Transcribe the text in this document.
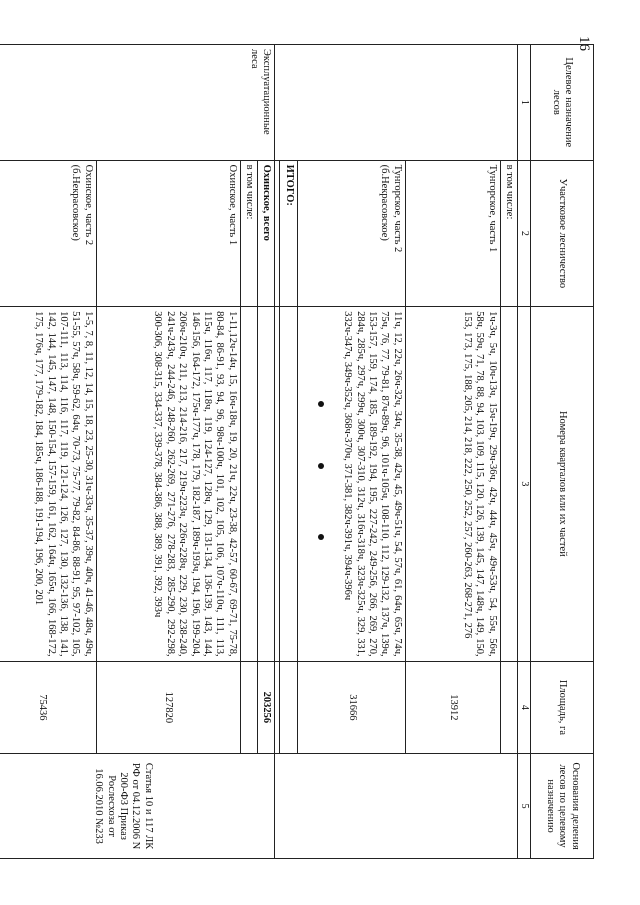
16
Целевое назначение лесов	Участковое лесничество	Номера кварталов или их частей	Площадь, га	Основания деления лесов по целевому назначению
1	2	3	4	5
	в том числе:			
	Тунгорское, часть 1	1ч-3ч, 5ч, 10ч-13ч, 15ч-19ч, 29ч-36ч, 42ч, 44ч, 45ч, 49ч-53ч, 54, 55ч, 56ч, 58ч, 59ч, 71, 78, 88, 94, 103, 109, 115, 120, 126, 139, 145, 147, 148ч, 149, 150, 153, 173, 175, 188, 205, 214, 218, 222, 250, 252, 257, 260-263, 268-271, 276	13912	
	Тунгорское, часть 2 (б.Некрасовское)	11ч, 12, 22ч, 26ч-32ч, 34ч, 35-38, 42ч, 45, 49ч-51ч, 54, 57ч, 61, 64ч, 65ч, 74ч, 75ч, 76, 77, 79-81, 87ч-89ч, 96, 101ч-105ч, 108-110, 112, 129-132, 137ч, 139ч, 153-157, 159, 174, 185, 189-192, 194, 195, 227-242, 249-256, 266, 269, 270, 284ч, 285ч, 297ч, 299ч, 300ч, 307-310, 312ч, 316ч-318ч, 323ч-325ч, 329, 331, 332ч-347ч, 349ч-352ч, 368ч-370ч, 371-381, 382ч-391ч, 394ч-396ч	31666	
	ИТОГО:			

Эксплуатационные леса	Охинское, всего		203256	Статья 10 и 117 ЛК РФ от 04.12.2006 N 200-ФЗ Приказ Рослесхоза от 16.06.2010 №233
	в том числе:			
	Охинское, часть 1	1-11,12ч-14ч, 15, 16ч-18ч, 19, 20, 21ч, 22ч, 23-38, 42-57, 60-67, 69-71, 75-78, 80-84, 86-91, 93, 94, 96, 98ч-100ч, 101, 102, 105, 106, 107ч-110ч, 111, 113, 115ч, 116ч, 117, 118ч, 119, 124-127, 128ч, 129, 131-134, 136-139, 143, 144, 146-156, 164-172, 175ч-177ч, 178, 179, 182-187, 189ч-193ч, 194, 196, 199-204, 206ч-210ч, 211, 213, 214-216, 217, 219ч-223ч, 226ч-228ч, 229, 230, 238-240, 241ч-243ч, 244-246, 248-260, 262-269, 271-276, 278-283, 285-290, 292-298, 300-306, 308-315, 334-337, 339-378, 384-386, 388, 389, 391, 392, 393ч	127820	
	Охинское, часть 2 (б.Некрасовское)	1-5, 7, 8, 11, 12, 14, 15, 18, 23, 25-30, 31ч-33ч, 35-37, 39ч, 40ч, 41-46, 48ч, 49ч, 51-55, 57ч, 58ч, 59-62, 64ч, 70-73, 75-77, 79-82, 84-86, 88-91, 95, 97-102, 105, 107-111, 113, 114, 116, 117, 119, 121-124, 126, 127, 130, 132-136, 138, 141, 142, 144, 145, 147, 148, 150-154, 157-159, 161, 162, 164ч, 165ч, 166, 168-172, 175, 176ч, 177, 179-182, 184, 185ч, 186-188, 191-194, 196, 200, 201	75436	
